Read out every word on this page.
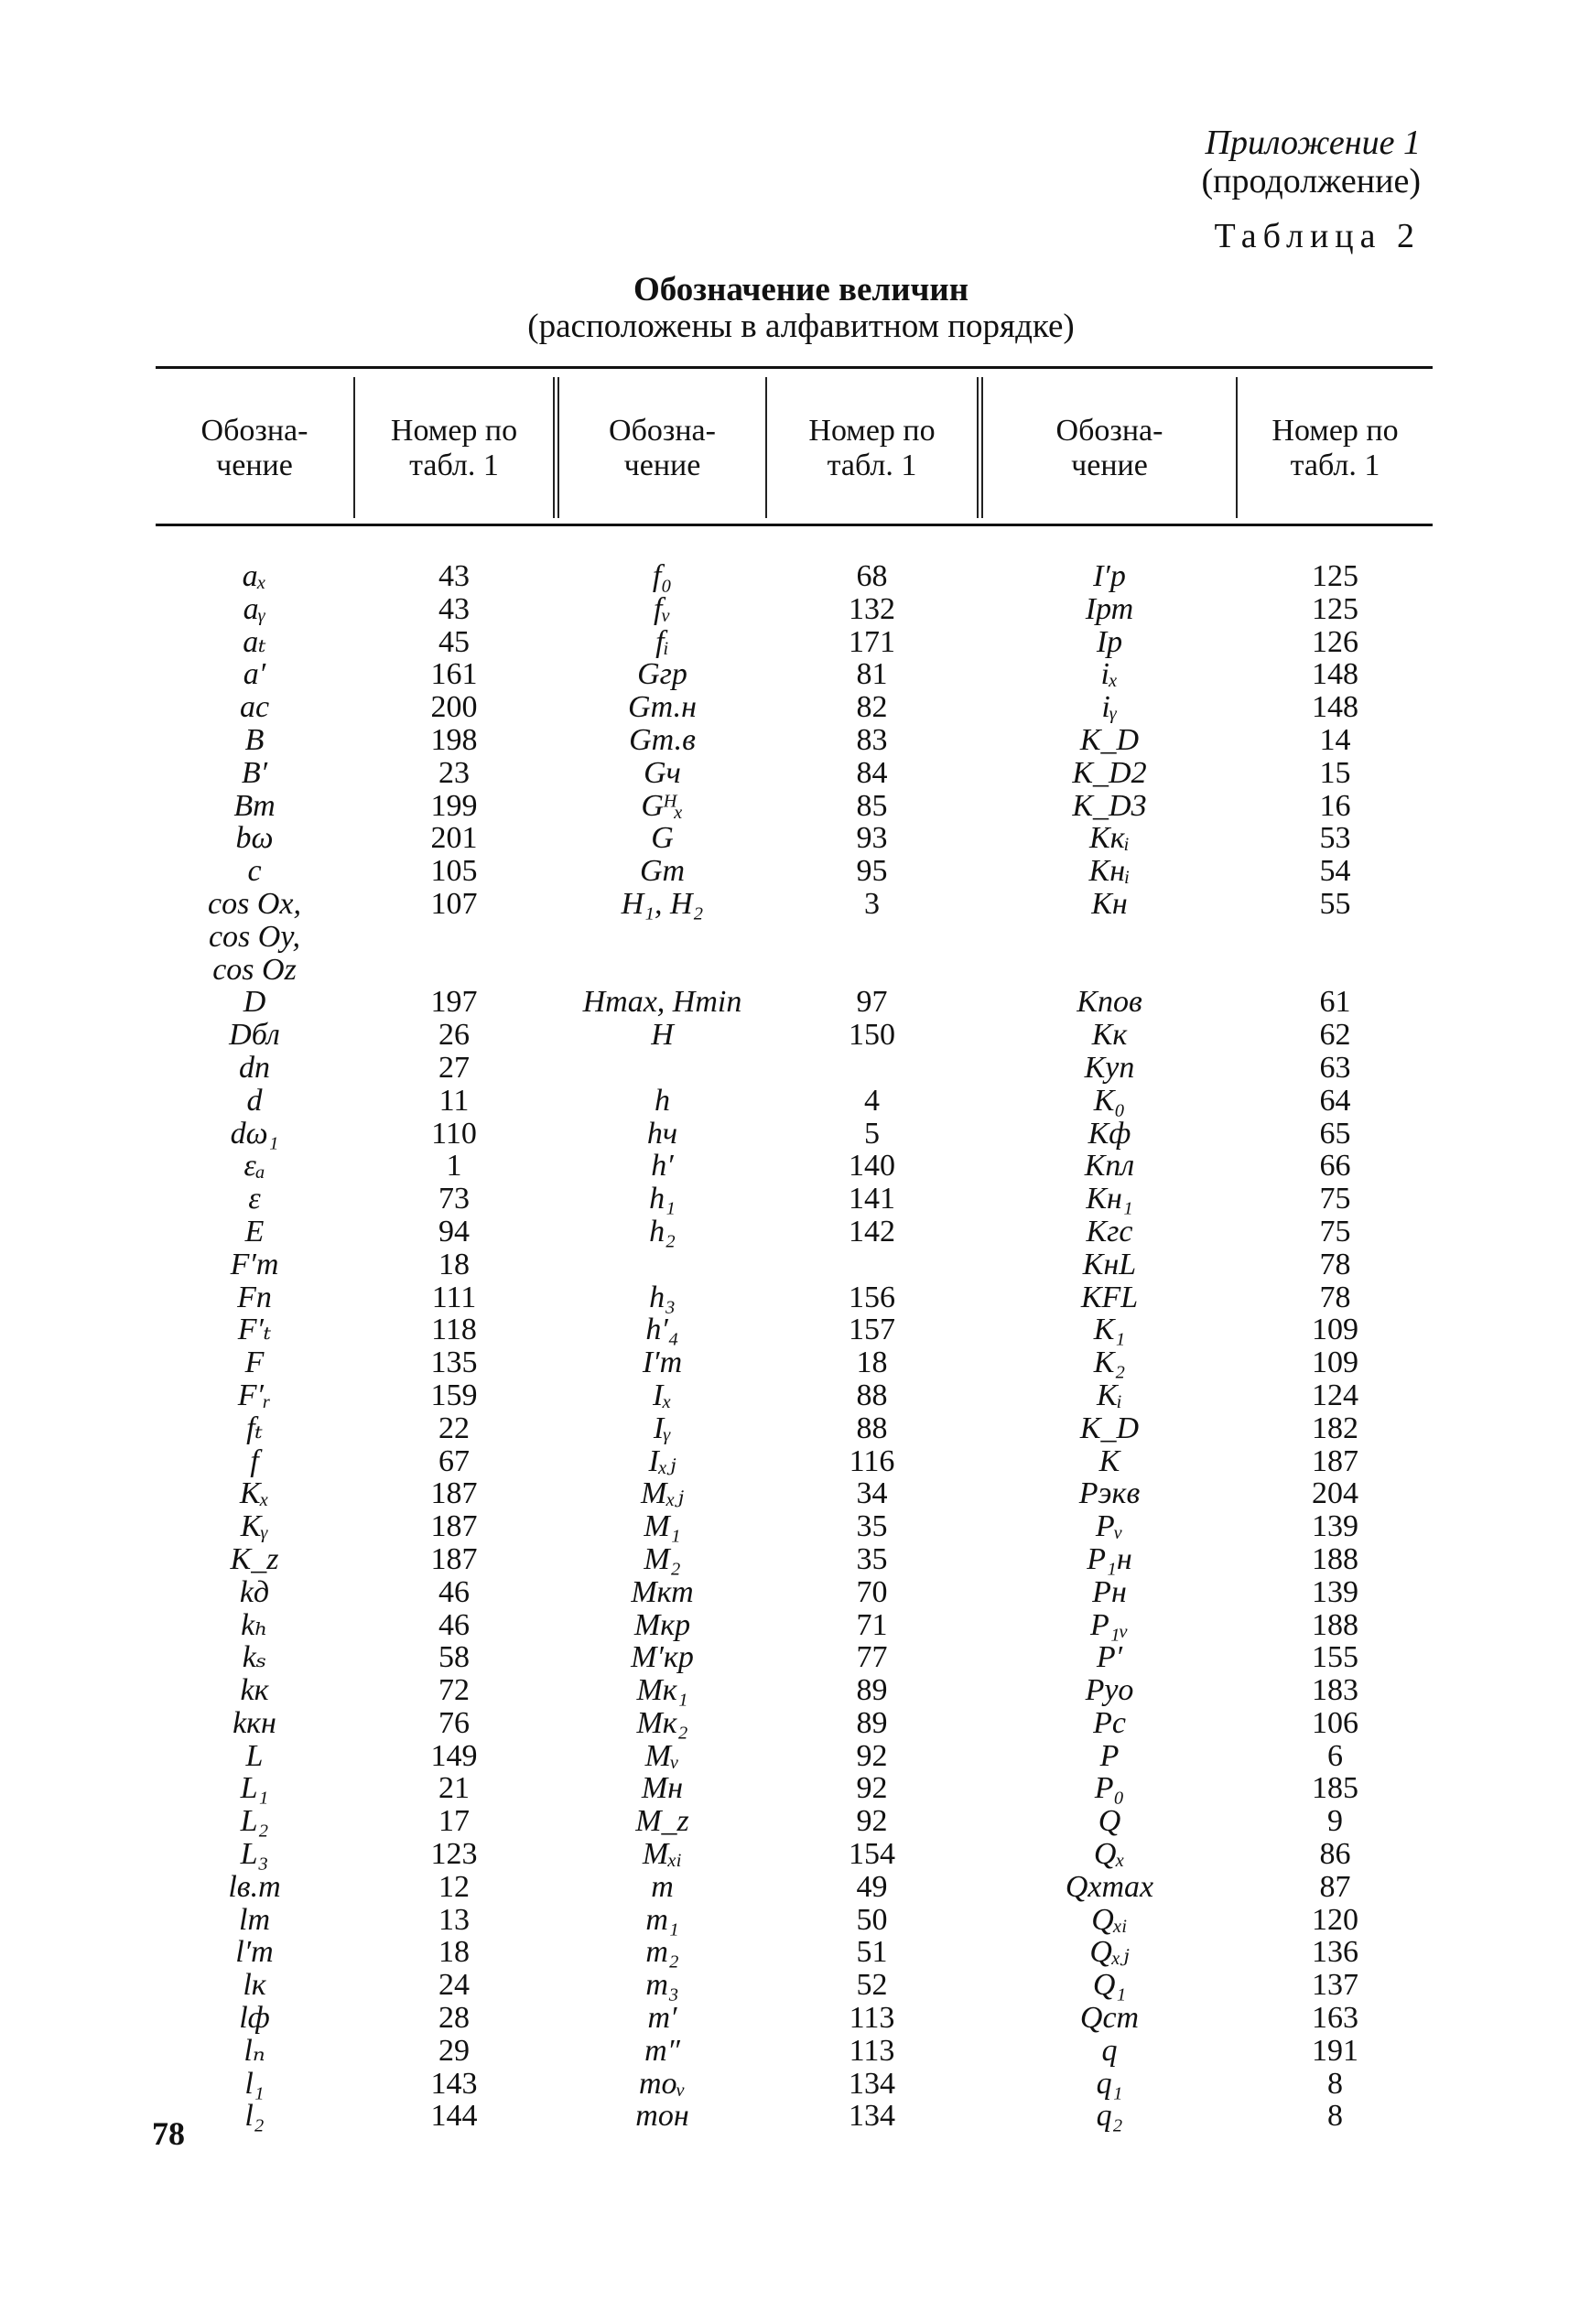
Приложение 1
(продолжение)
Таблица 2
Обозначение величин
(расположены в алфавитном порядке)
Обозна-
чение
Номер по
табл. 1
Обозна-
чение
Номер по
табл. 1
Обозна-
чение
Номер по
табл. 1
aₓ
aᵧ
aₜ
a′
aс
B
B′
Bт
bω
c
cos Ox,
cos Oy,
cos Oz
D
Dбл
dп
d
dω₁
εₐ
ε
E
F′т
Fп
F′ₜ
F
F′ᵣ
fₜ
f
Kₓ
Kᵧ
K_z
kд
kₕ
kₛ
kк
kкн
L
L₁
L₂
L₃
lв.т
lт
l′т
lк
lф
lₙ
l₁
l₂
43
43
45
161
200
198
23
199
201
105
107
197
26
27
11
110
1
73
94
18
111
118
135
159
22
67
187
187
187
46
46
58
72
76
149
21
17
123
12
13
18
24
28
29
143
144
f₀
fᵥ
fᵢ
Gгр
Gт.н
Gт.в
Gч
Gᴴₓ
G
Gт
H₁, H₂
Hmax, Hmin
H
h
hч
h′
h₁
h₂
h₃
h′₄
I′т
Iₓ
Iᵧ
Iₓⱼ
Mₓⱼ
M₁
M₂
Mкт
Mкр
M′кр
Mк₁
Mк₂
Mᵥ
Mн
M_z
Mₓᵢ
m
m₁
m₂
m₃
m′
m″
mоᵥ
mон
68
132
171
81
82
83
84
85
93
95
3
97
150
4
5
140
141
142
156
157
18
88
88
116
34
35
35
70
71
77
89
89
92
92
92
154
49
50
51
52
113
113
134
134
I′р
Iрт
Iр
iₓ
iᵧ
K_D
K_D2
K_D3
Kкᵢ
Kнᵢ
Kн
Kпов
Kк
Kуп
K₀
Kф
Kпл
Kн₁
Kгс
KнL
KFL
K₁
K₂
Kᵢ
K_D
K
Pэкв
Pᵥ
P₁н
Pн
P₁ᵥ
P′
Pуо
Pс
P
P₀
Q
Qₓ
Qxmax
Qₓᵢ
Qₓⱼ
Q₁
Qст
q
q₁
q₂
125
125
126
148
148
14
15
16
53
54
55
61
62
63
64
65
66
75
75
78
78
109
109
124
182
187
204
139
188
139
188
155
183
106
6
185
9
86
87
120
136
137
163
191
8
8
78
